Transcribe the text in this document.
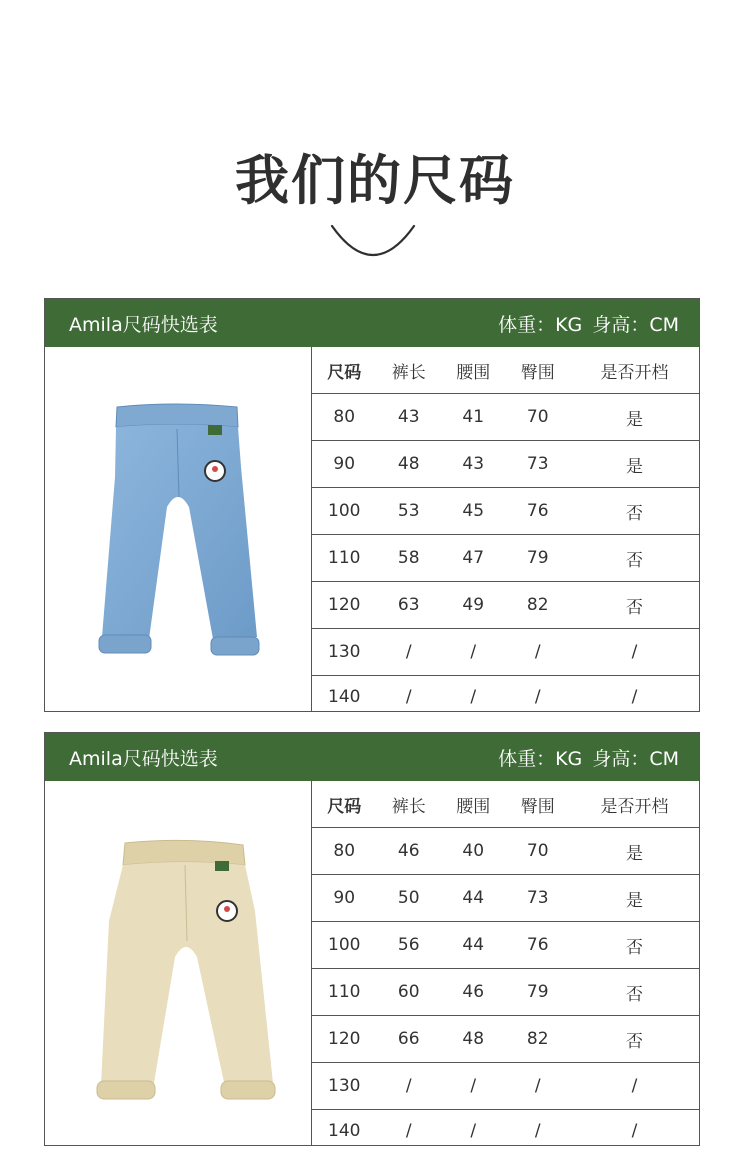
我们的尺码
Amila尺码快选表	体重：KG 身高：CM
尺码	裤长	腰围	臀围	是否开档
80	43	41	70	是
90	48	43	73	是
100	53	45	76	否
110	58	47	79	否
120	63	49	82	否
130	/	/	/	/
140	/	/	/	/
Amila尺码快选表	体重：KG 身高：CM
尺码	裤长	腰围	臀围	是否开档
80	46	40	70	是
90	50	44	73	是
100	56	44	76	否
110	60	46	79	否
120	66	48	82	否
130	/	/	/	/
140	/	/	/	/
